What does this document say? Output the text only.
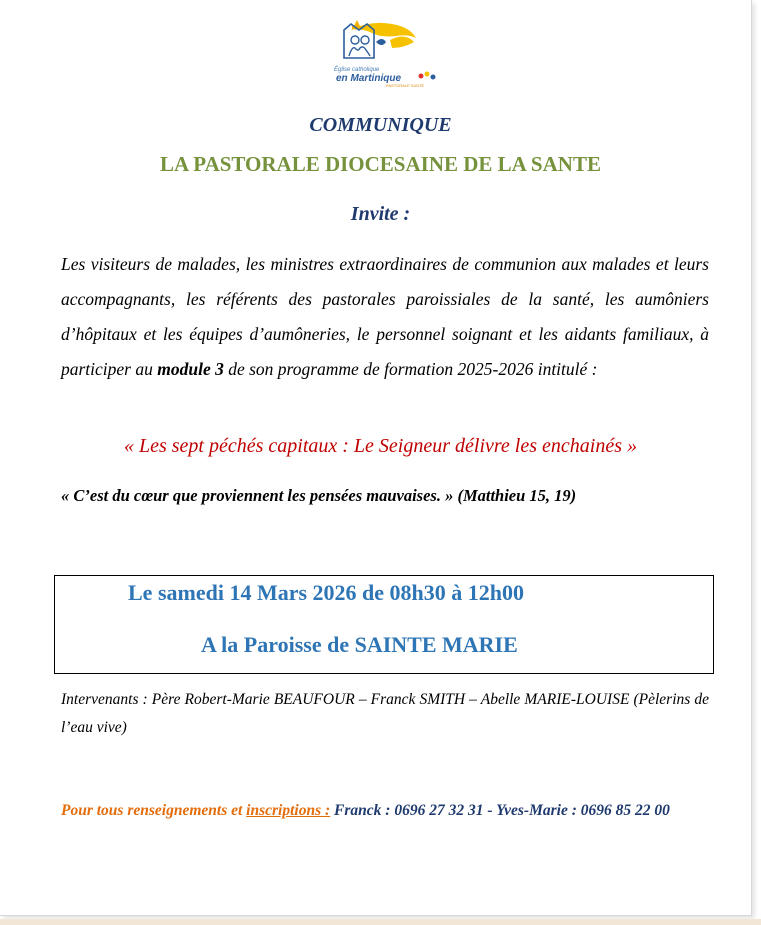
Église catholique
en Martinique
PASTORALE SANTÉ
COMMUNIQUE
LA PASTORALE DIOCESAINE DE LA SANTE
Invite :
Les visiteurs de malades, les ministres extraordinaires de communion aux malades et leurs accompagnants, les référents des pastorales paroissiales de la santé, les aumôniers d’hôpitaux et les équipes d’aumôneries, le personnel soignant et les aidants familiaux, à participer au module 3 de son programme de formation 2025-2026 intitulé :
« Les sept péchés capitaux : Le Seigneur délivre les enchainés »
« C’est du cœur que proviennent les pensées mauvaises. » (Matthieu 15, 19)
Le samedi 14 Mars 2026 de 08h30 à 12h00
A la Paroisse de SAINTE MARIE
Intervenants : Père Robert-Marie BEAUFOUR – Franck SMITH – Abelle MARIE-LOUISE (Pèlerins de l’eau vive)
Pour tous renseignements et inscriptions : Franck : 0696 27 32 31 - Yves-Marie : 0696 85 22 00
